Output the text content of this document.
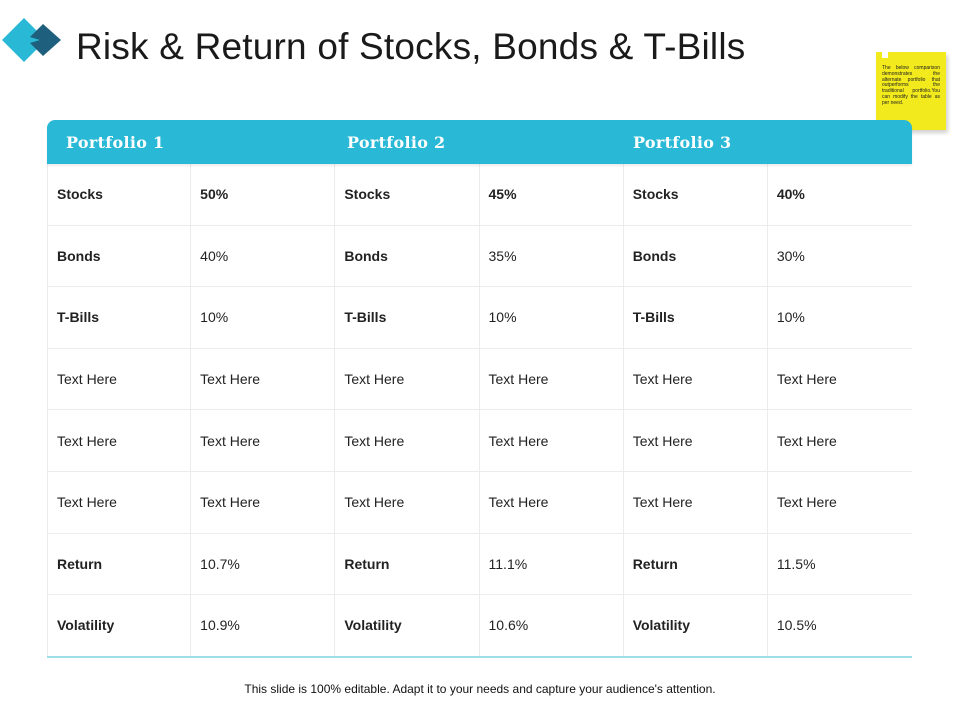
Risk & Return of Stocks, Bonds & T-Bills
The below comparison demonstrates the alternate portfolio that outperforms the traditional portfolio.You can modify the table as per need.
Portfolio 1	Portfolio 2	Portfolio 3
Stocks	50%	Stocks	45%	Stocks	40%
Bonds	40%	Bonds	35%	Bonds	30%
T-Bills	10%	T-Bills	10%	T-Bills	10%
Text Here	Text Here	Text Here	Text Here	Text Here	Text Here
Text Here	Text Here	Text Here	Text Here	Text Here	Text Here
Text Here	Text Here	Text Here	Text Here	Text Here	Text Here
Return	10.7%	Return	11.1%	Return	11.5%
Volatility	10.9%	Volatility	10.6%	Volatility	10.5%
This slide is 100% editable. Adapt it to your needs and capture your audience's attention.
